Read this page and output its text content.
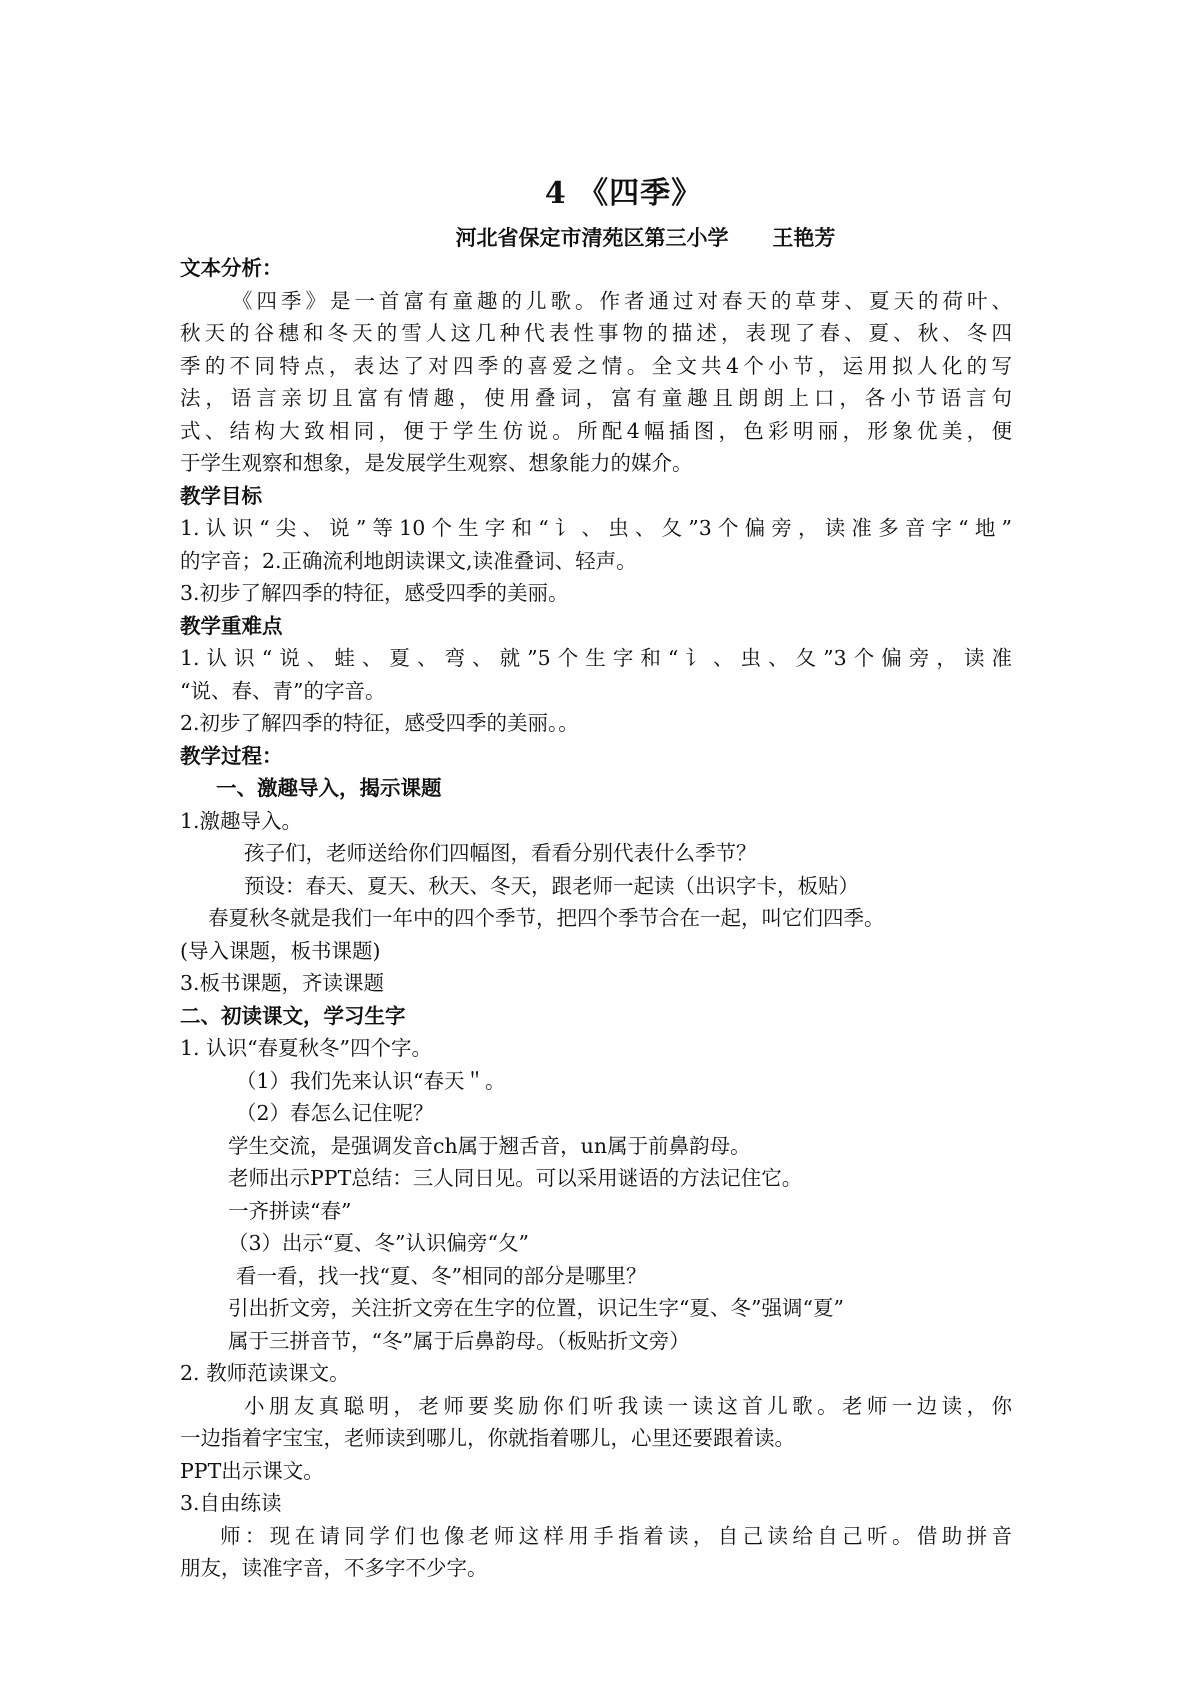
4 《四季》
河北省保定市清苑区第三小学      王艳芳

文本分析：

《四季》是一首富有童趣的儿歌。作者通过对春天的草芽、夏天的荷叶、

秋天的谷穗和冬天的雪人这几种代表性事物的描述，表现了春、夏、秋、冬四

季的不同特点，表达了对四季的喜爱之情。全文共4个小节，运用拟人化的写

法，语言亲切且富有情趣，使用叠词，富有童趣且朗朗上口，各小节语言句

式、结构大致相同，便于学生仿说。所配4幅插图，色彩明丽，形象优美，便

于学生观察和想象，是发展学生观察、想象能力的媒介。

教学目标

1.认识“尖、说”等10个生字和“讠、虫、夂”3个偏旁，读准多音字“地”

的字音；2.正确流利地朗读课文,读准叠词、轻声。

3.初步了解四季的特征，感受四季的美丽。

教学重难点

1.认识“说、蛙、夏、弯、就”5个生字和“讠、虫、夂”3个偏旁，读准

“说、春、青”的字音。

2.初步了解四季的特征，感受四季的美丽。。

教学过程：

一、激趣导入，揭示课题

1.激趣导入。

孩子们，老师送给你们四幅图，看看分别代表什么季节？

预设：春天、夏天、秋天、冬天，跟老师一起读（出识字卡，板贴）

春夏秋冬就是我们一年中的四个季节，把四个季节合在一起，叫它们四季。

(导入课题，板书课题)

3.板书课题，齐读课题

二、初读课文，学习生字

1. 认识“春夏秋冬”四个字。

（1）我们先来认识“春天＂。

（2）春怎么记住呢？

学生交流，是强调发音ch属于翘舌音，un属于前鼻韵母。

老师出示PPT总结：三人同日见。可以采用谜语的方法记住它。

一齐拼读“春”

（3）出示“夏、冬”认识偏旁“夂”

看一看，找一找“夏、冬”相同的部分是哪里？

引出折文旁，关注折文旁在生字的位置，识记生字“夏、冬”强调“夏”

属于三拼音节，“冬”属于后鼻韵母。（板贴折文旁）

2. 教师范读课文。

小朋友真聪明，老师要奖励你们听我读一读这首儿歌。老师一边读，你

一边指着字宝宝，老师读到哪儿，你就指着哪儿，心里还要跟着读。

PPT出示课文。

3.自由练读

师：现在请同学们也像老师这样用手指着读，自己读给自己听。借助拼音

朋友，读准字音，不多字不少字。
